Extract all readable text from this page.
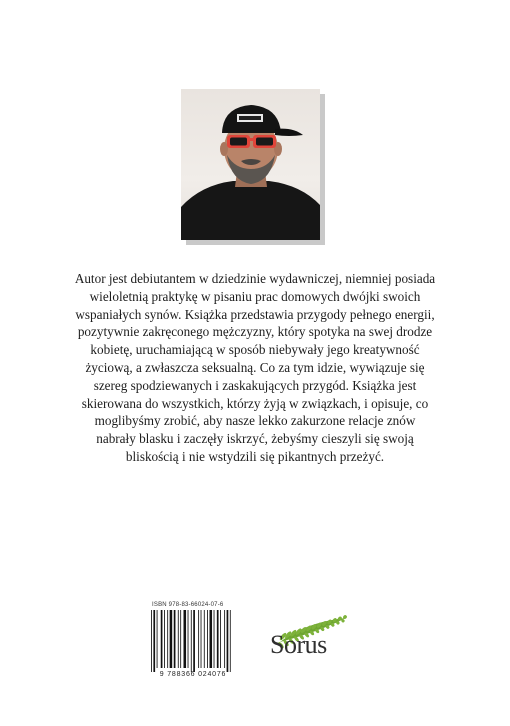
Autor jest debiutantem w dziedzinie wydawniczej, niemniej posiada wieloletnią praktykę w pisaniu prac domowych dwójki swoich wspaniałych synów. Książka przedstawia przygody pełnego energii, pozytywnie zakręconego mężczyzny, który spotyka na swej drodze kobietę, uruchamiającą w sposób niebywały jego kreatywność życiową, a zwłaszcza seksualną. Co za tym idzie, wywiązuje się szereg spodziewanych i zaskakujących przygód. Książka jest skierowana do wszystkich, którzy żyją w związkach, i opisuje, co moglibyśmy zrobić, aby nasze lekko zakurzone relacje znów nabrały blasku i zaczęły iskrzyć, żebyśmy cieszyli się swoją bliskością i nie wstydzili się pikantnych przeżyć.

ISBN 978-83-66024-07-6
9 788366 024076
Sorus
